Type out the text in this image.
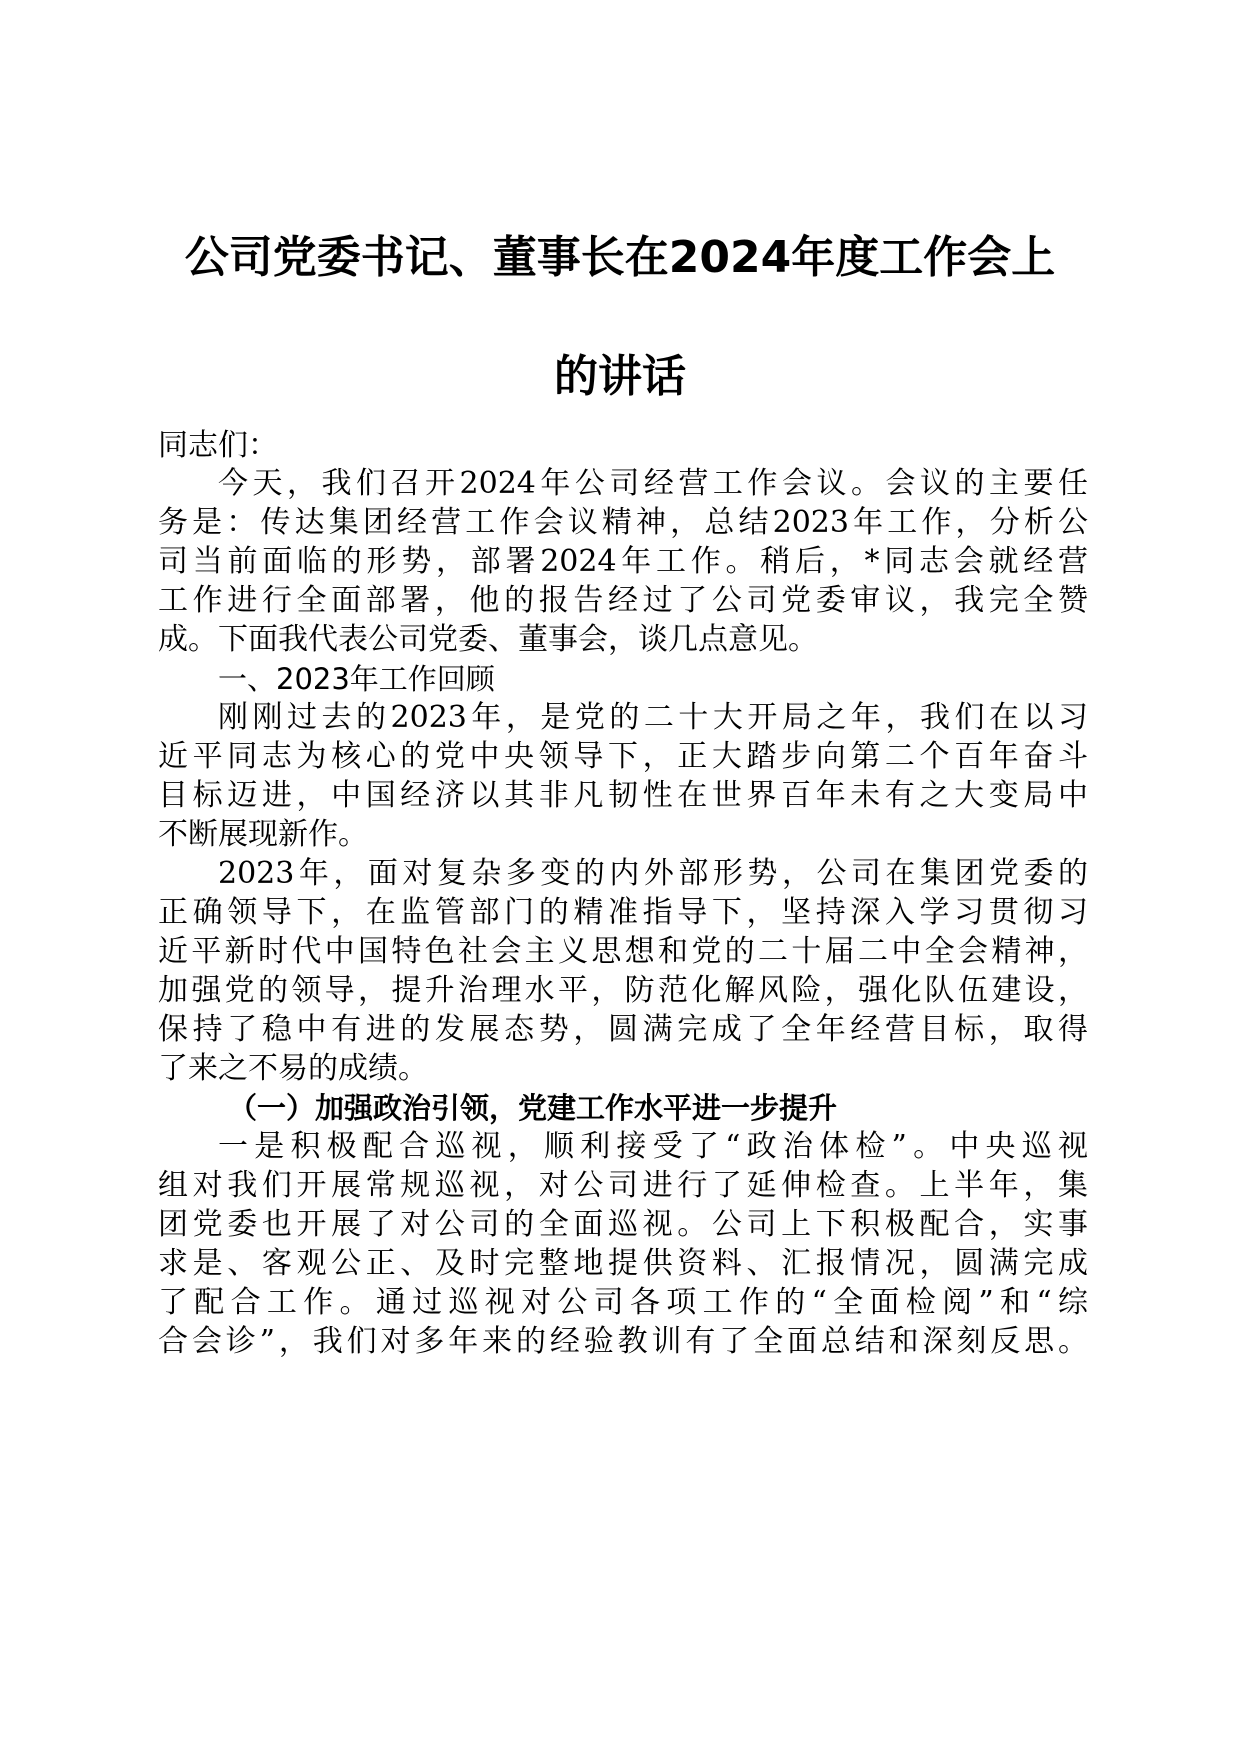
公司党委书记、董事长在2024年度工作会上
的讲话
同志们：
今天，我们召开2024年公司经营工作会议。会议的主要任
务是：传达集团经营工作会议精神，总结2023年工作，分析公
司当前面临的形势，部署2024年工作。稍后，*同志会就经营
工作进行全面部署，他的报告经过了公司党委审议，我完全赞
成。下面我代表公司党委、董事会，谈几点意见。
一、2023年工作回顾
刚刚过去的2023年，是党的二十大开局之年，我们在以习
近平同志为核心的党中央领导下，正大踏步向第二个百年奋斗
目标迈进，中国经济以其非凡韧性在世界百年未有之大变局中
不断展现新作。
2023年，面对复杂多变的内外部形势，公司在集团党委的
正确领导下，在监管部门的精准指导下，坚持深入学习贯彻习
近平新时代中国特色社会主义思想和党的二十届二中全会精神，
加强党的领导，提升治理水平，防范化解风险，强化队伍建设，
保持了稳中有进的发展态势，圆满完成了全年经营目标，取得
了来之不易的成绩。
（一）加强政治引领，党建工作水平进一步提升
一是积极配合巡视，顺利接受了“政治体检”。中央巡视
组对我们开展常规巡视，对公司进行了延伸检查。上半年，集
团党委也开展了对公司的全面巡视。公司上下积极配合，实事
求是、客观公正、及时完整地提供资料、汇报情况，圆满完成
了配合工作。通过巡视对公司各项工作的“全面检阅”和“综
合会诊”，我们对多年来的经验教训有了全面总结和深刻反思。
